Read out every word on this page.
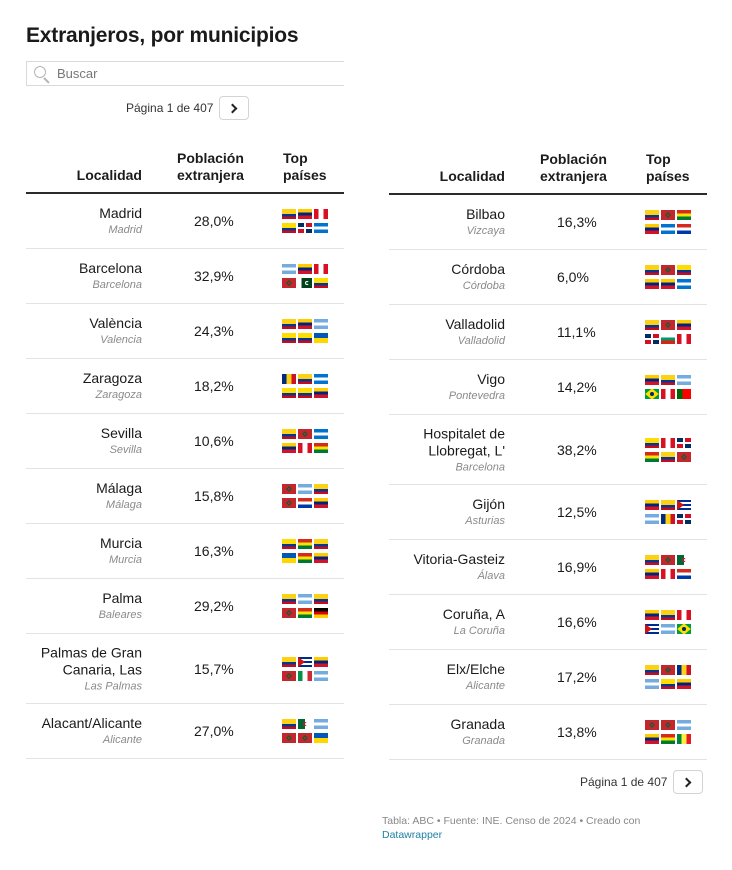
Extranjeros, por municipios
Buscar
Página 1 de 407
Localidad
Población
extranjera
Top
países
Madrid
Madrid
28,0%
Barcelona
Barcelona
32,9%
València
Valencia
24,3%
Zaragoza
Zaragoza
18,2%
Sevilla
Sevilla
10,6%
Málaga
Málaga
15,8%
Murcia
Murcia
16,3%
Palma
Baleares
29,2%
Palmas de Gran Canaria, Las
Las Palmas
15,7%
Alacant/Alicante
Alicante
27,0%
Localidad
Población
extranjera
Top
países
Bilbao
Vizcaya
16,3%
Córdoba
Córdoba
6,0%
Valladolid
Valladolid
11,1%
Vigo
Pontevedra
14,2%
Hospitalet de Llobregat, L'
Barcelona
38,2%
Gijón
Asturias
12,5%
Vitoria-Gasteiz
Álava
16,9%
Coruña, A
La Coruña
16,6%
Elx/Elche
Alicante
17,2%
Granada
Granada
13,8%
Página 1 de 407
Tabla: ABC • Fuente: INE. Censo de 2024 • Creado con
Datawrapper
